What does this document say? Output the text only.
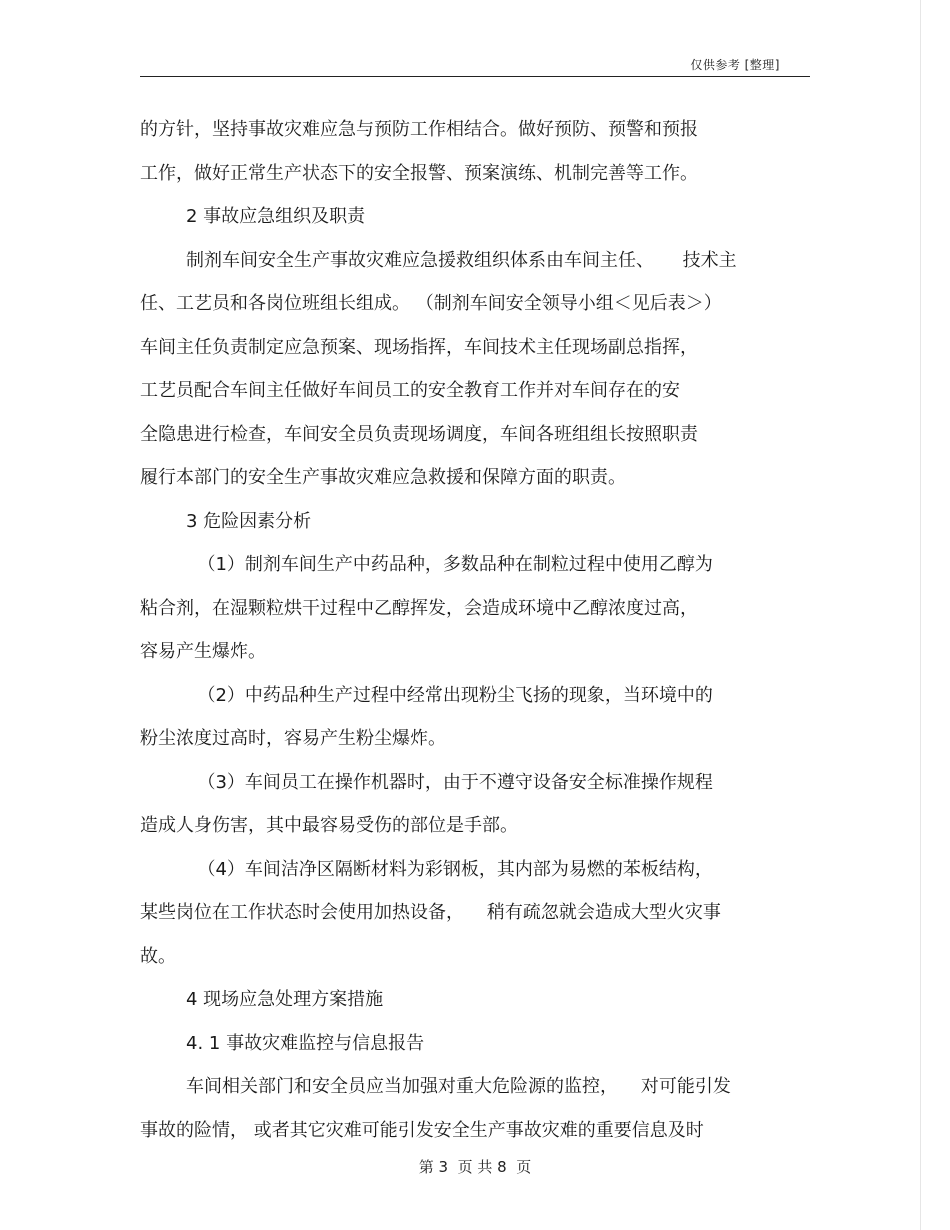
仅供参考 [整理]
的方针，坚持事故灾难应急与预防工作相结合。做好预防、预警和预报
工作，做好正常生产状态下的安全报警、预案演练、机制完善等工作。
2 事故应急组织及职责
制剂车间安全生产事故灾难应急援救组织体系由车间主任、     技术主
任、工艺员和各岗位班组长组成。 （制剂车间安全领导小组＜见后表＞）
车间主任负责制定应急预案、现场指挥，车间技术主任现场副总指挥，
工艺员配合车间主任做好车间员工的安全教育工作并对车间存在的安
全隐患进行检查，车间安全员负责现场调度，车间各班组组长按照职责
履行本部门的安全生产事故灾难应急救援和保障方面的职责。
3 危险因素分析
（1）制剂车间生产中药品种，多数品种在制粒过程中使用乙醇为
粘合剂，在湿颗粒烘干过程中乙醇挥发，会造成环境中乙醇浓度过高，
容易产生爆炸。
（2）中药品种生产过程中经常出现粉尘飞扬的现象，当环境中的
粉尘浓度过高时，容易产生粉尘爆炸。
（3）车间员工在操作机器时，由于不遵守设备安全标准操作规程
造成人身伤害，其中最容易受伤的部位是手部。
（4）车间洁净区隔断材料为彩钢板，其内部为易燃的苯板结构，
某些岗位在工作状态时会使用加热设备，    稍有疏忽就会造成大型火灾事
故。
4 现场应急处理方案措施
4. 1 事故灾难监控与信息报告
车间相关部门和安全员应当加强对重大危险源的监控，    对可能引发
事故的险情， 或者其它灾难可能引发安全生产事故灾难的重要信息及时
第 3  页 共 8  页
